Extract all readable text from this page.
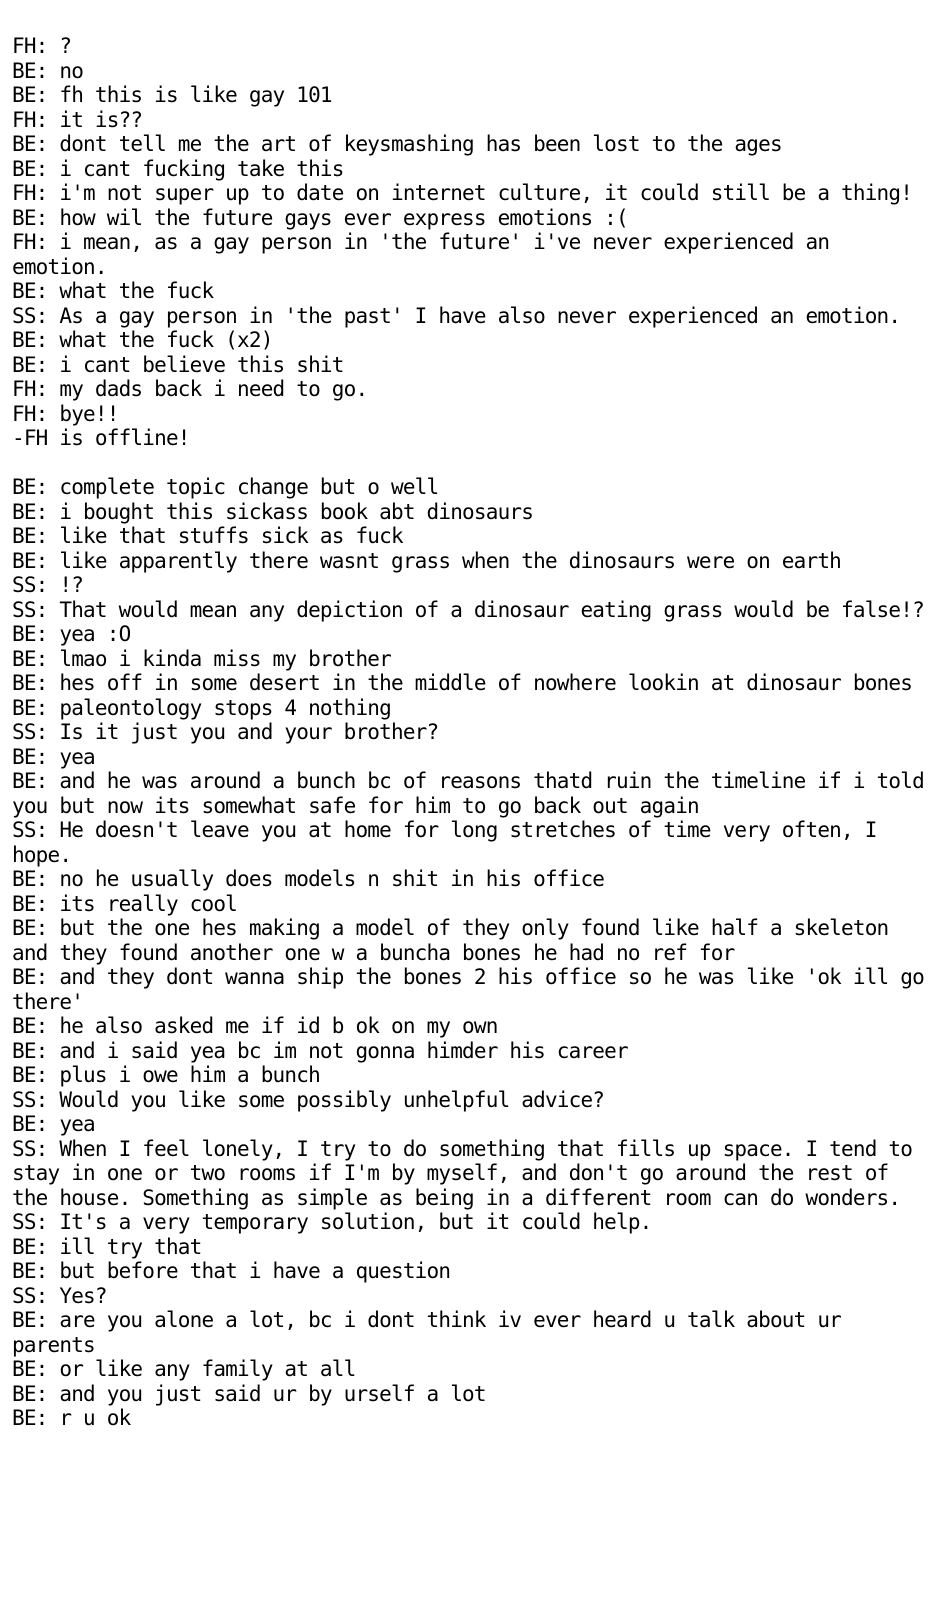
FH: ?
BE: no
BE: fh this is like gay 101
FH: it is??
BE: dont tell me the art of keysmashing has been lost to the ages
BE: i cant fucking take this
FH: i'm not super up to date on internet culture, it could still be a thing!
BE: how wil the future gays ever express emotions :(
FH: i mean, as a gay person in 'the future' i've never experienced an emotion.
BE: what the fuck
SS: As a gay person in 'the past' I have also never experienced an emotion.
BE: what the fuck (x2)
BE: i cant believe this shit
FH: my dads back i need to go.
FH: bye!!
-FH is offline!
BE: complete topic change but o well
BE: i bought this sickass book abt dinosaurs
BE: like that stuffs sick as fuck
BE: like apparently there wasnt grass when the dinosaurs were on earth
SS: !?
SS: That would mean any depiction of a dinosaur eating grass would be false!?
BE: yea :O
BE: lmao i kinda miss my brother
BE: hes off in some desert in the middle of nowhere lookin at dinosaur bones
BE: paleontology stops 4 nothing
SS: Is it just you and your brother?
BE: yea
BE: and he was around a bunch bc of reasons thatd ruin the timeline if i told you but now its somewhat safe for him to go back out again
SS: He doesn't leave you at home for long stretches of time very often, I hope.
BE: no he usually does models n shit in his office
BE: its really cool
BE: but the one hes making a model of they only found like half a skeleton and they found another one w a buncha bones he had no ref for
BE: and they dont wanna ship the bones 2 his office so he was like 'ok ill go there'
BE: he also asked me if id b ok on my own
BE: and i said yea bc im not gonna himder his career
BE: plus i owe him a bunch
SS: Would you like some possibly unhelpful advice?
BE: yea
SS: When I feel lonely, I try to do something that fills up space. I tend to stay in one or two rooms if I'm by myself, and don't go around the rest of the house. Something as simple as being in a different room can do wonders.
SS: It's a very temporary solution, but it could help.
BE: ill try that
BE: but before that i have a question
SS: Yes?
BE: are you alone a lot, bc i dont think iv ever heard u talk about ur parents
BE: or like any family at all
BE: and you just said ur by urself a lot
BE: r u ok
